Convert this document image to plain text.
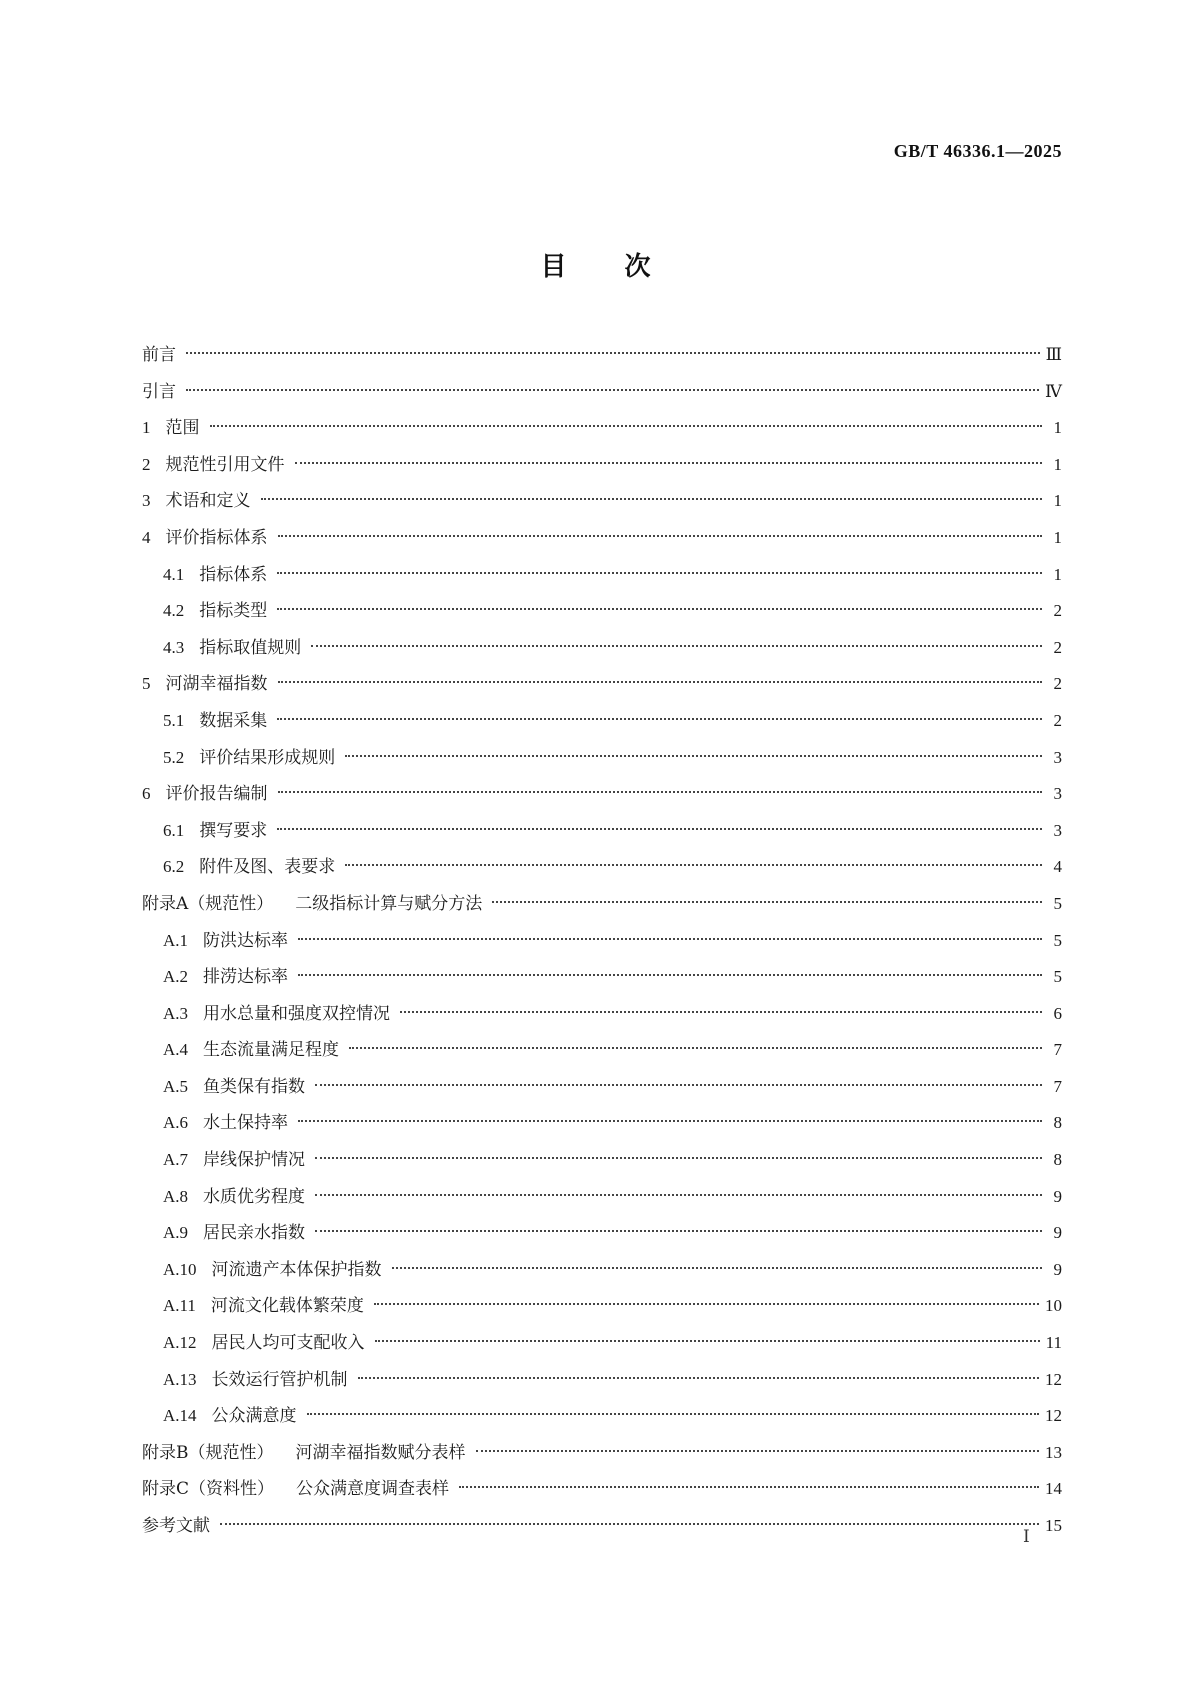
GB/T 46336.1—2025
目次
前言	Ⅲ
引言	Ⅳ
1 范围	1
2 规范性引用文件	1
3 术语和定义	1
4 评价指标体系	1
4.1 指标体系	1
4.2 指标类型	2
4.3 指标取值规则	2
5 河湖幸福指数	2
5.1 数据采集	2
5.2 评价结果形成规则	3
6 评价报告编制	3
6.1 撰写要求	3
6.2 附件及图、表要求	4
附录A（规范性） 二级指标计算与赋分方法	5
A.1 防洪达标率	5
A.2 排涝达标率	5
A.3 用水总量和强度双控情况	6
A.4 生态流量满足程度	7
A.5 鱼类保有指数	7
A.6 水土保持率	8
A.7 岸线保护情况	8
A.8 水质优劣程度	9
A.9 居民亲水指数	9
A.10 河流遗产本体保护指数	9
A.11 河流文化载体繁荣度	10
A.12 居民人均可支配收入	11
A.13 长效运行管护机制	12
A.14 公众满意度	12
附录B（规范性） 河湖幸福指数赋分表样	13
附录C（资料性） 公众满意度调查表样	14
参考文献	15
Ⅰ
